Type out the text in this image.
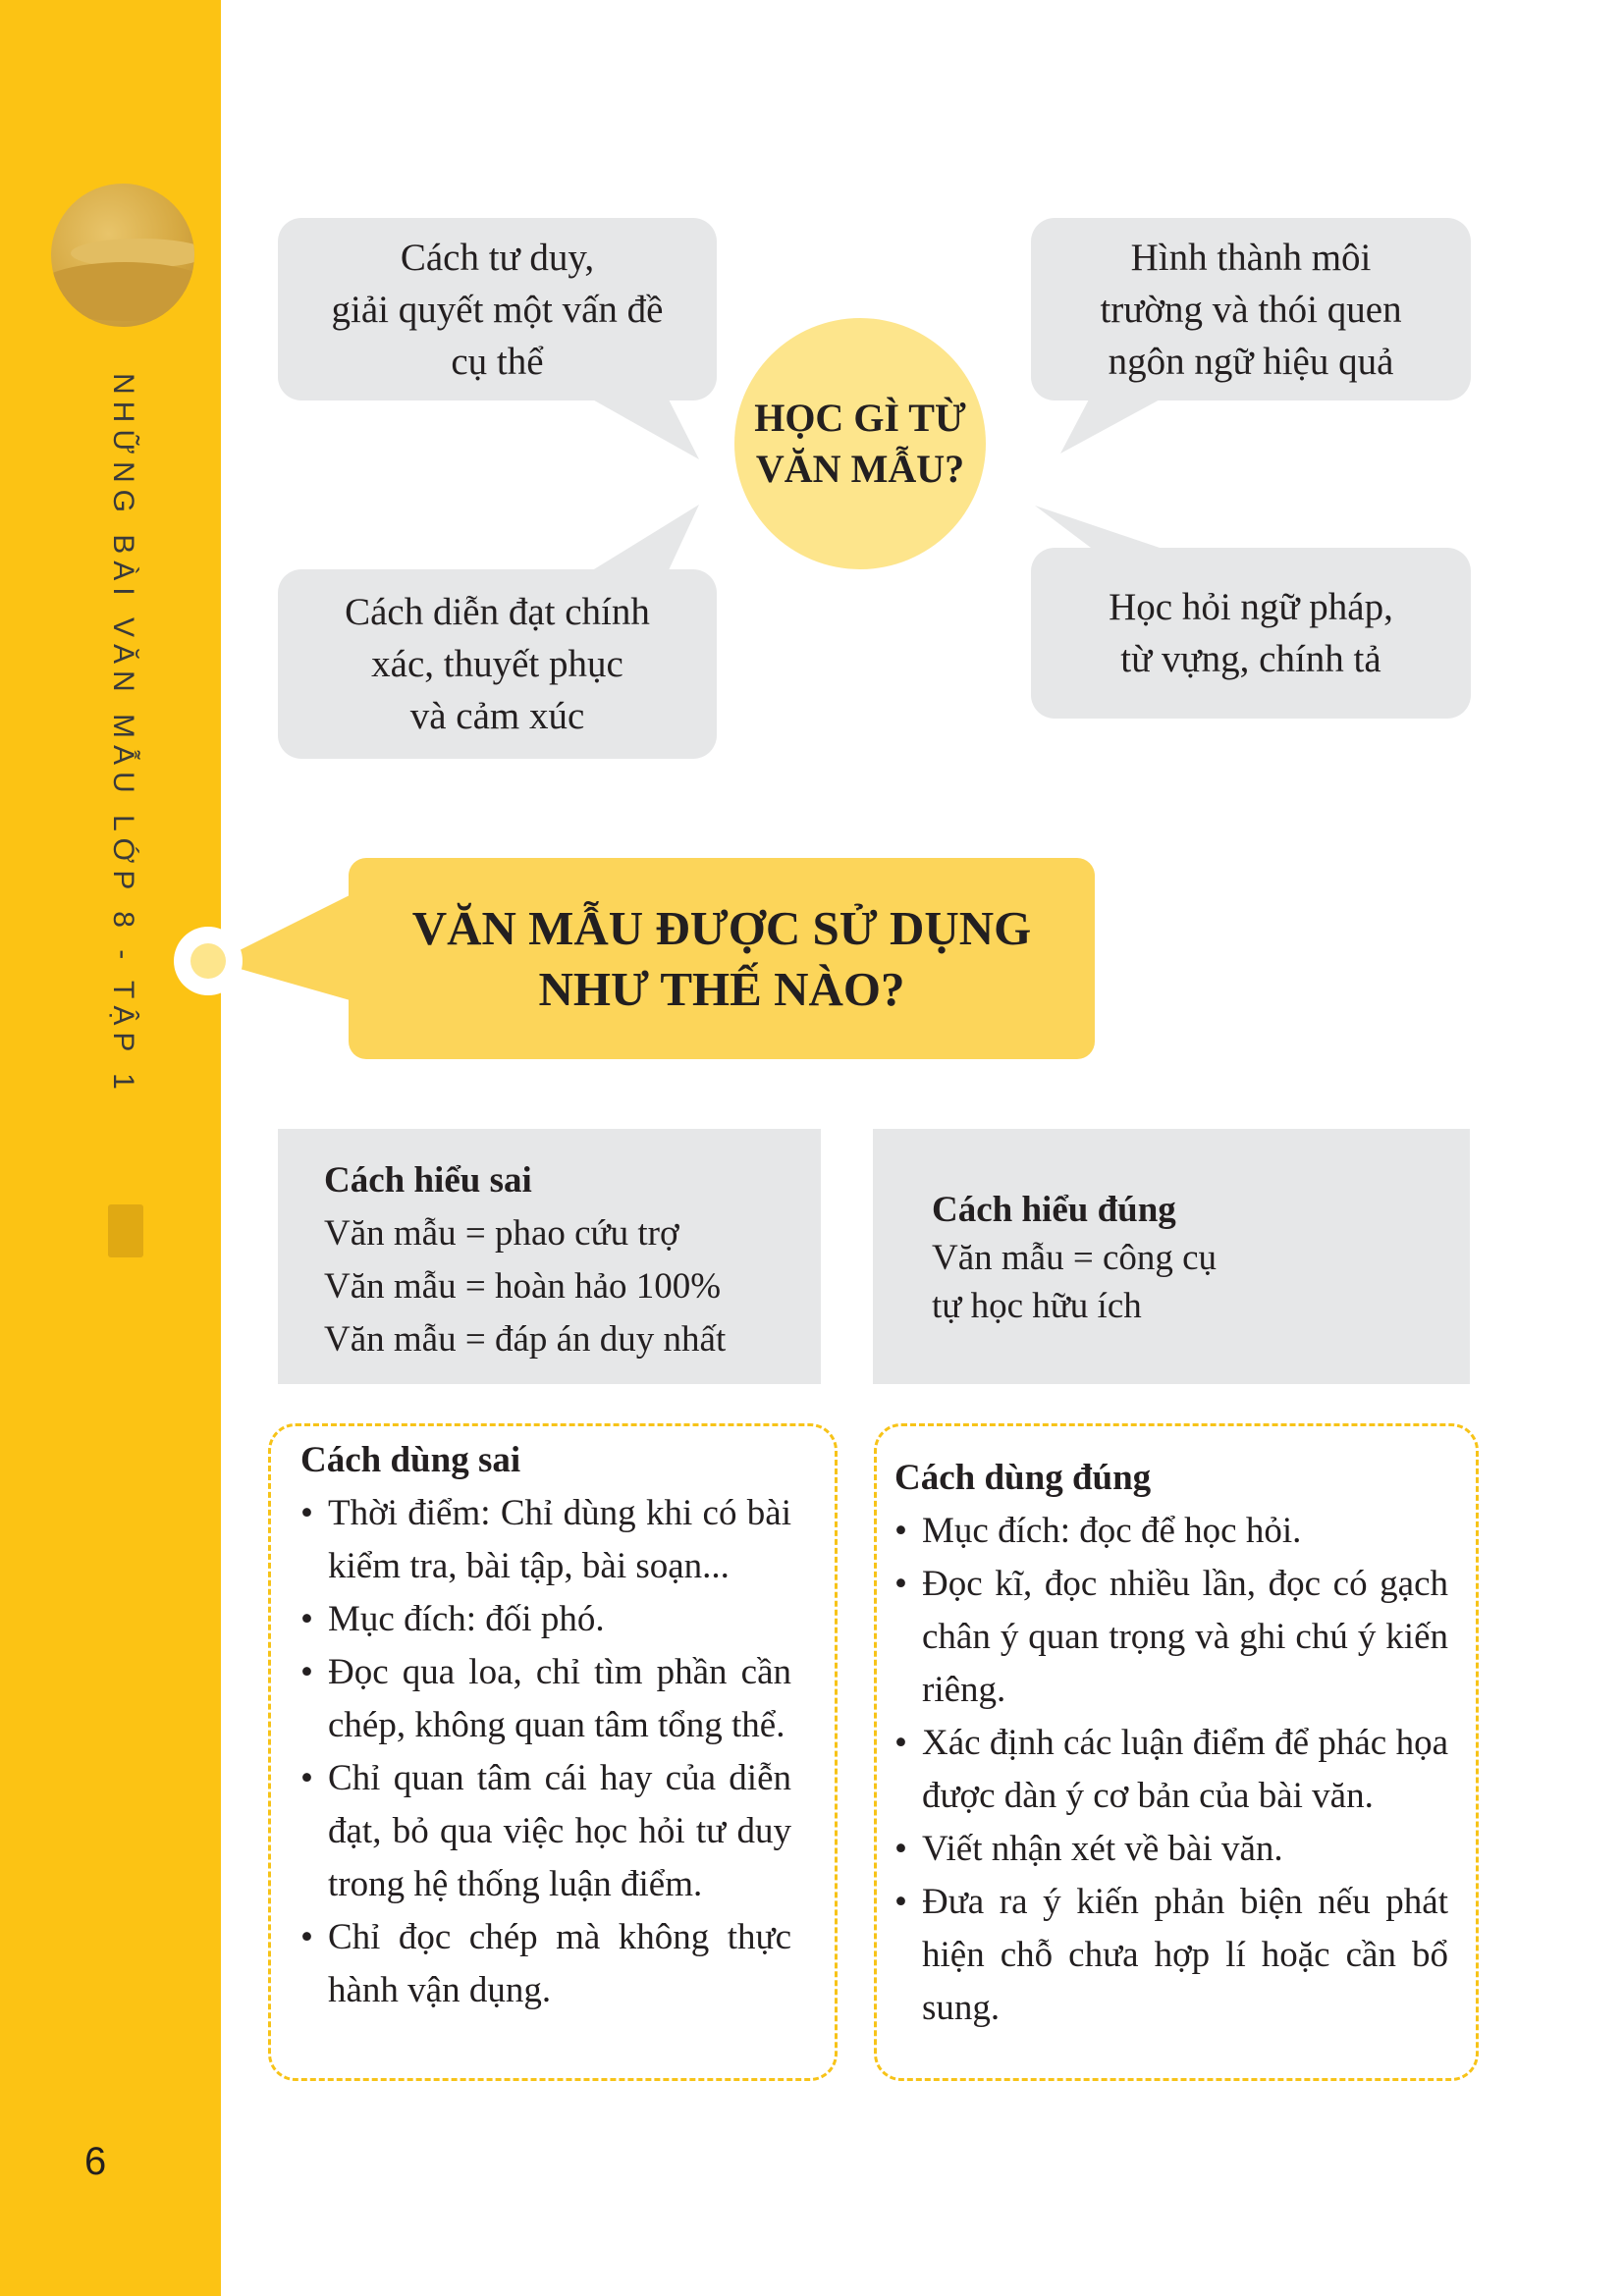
NHỮNG BÀI VĂN MẪU LỚP 8 - TẬP 1
6
Cách tư duy,
giải quyết một vấn đề
cụ thể
Hình thành môi
trường và thói quen
ngôn ngữ hiệu quả
Cách diễn đạt chính
xác, thuyết phục
và cảm xúc
Học hỏi ngữ pháp,
từ vựng, chính tả
HỌC GÌ TỪ
VĂN MẪU?
VĂN MẪU ĐƯỢC SỬ DỤNG
NHƯ THẾ NÀO?
Cách hiểu sai
Văn mẫu = phao cứu trợ
Văn mẫu = hoàn hảo 100%
Văn mẫu = đáp án duy nhất
Cách hiểu đúng
Văn mẫu = công cụ
tự học hữu ích
Cách dùng sai
• Thời điểm: Chỉ dùng khi có bài kiểm tra, bài tập, bài soạn...
• Mục đích: đối phó.
• Đọc qua loa, chỉ tìm phần cần chép, không quan tâm tổng thể.
• Chỉ quan tâm cái hay của diễn đạt, bỏ qua việc học hỏi tư duy trong hệ thống luận điểm.
• Chỉ đọc chép mà không thực hành vận dụng.
Cách dùng đúng
• Mục đích: đọc để học hỏi.
• Đọc kĩ, đọc nhiều lần, đọc có gạch chân ý quan trọng và ghi chú ý kiến riêng.
• Xác định các luận điểm để phác họa được dàn ý cơ bản của bài văn.
• Viết nhận xét về bài văn.
• Đưa ra ý kiến phản biện nếu phát hiện chỗ chưa hợp lí hoặc cần bổ sung.
